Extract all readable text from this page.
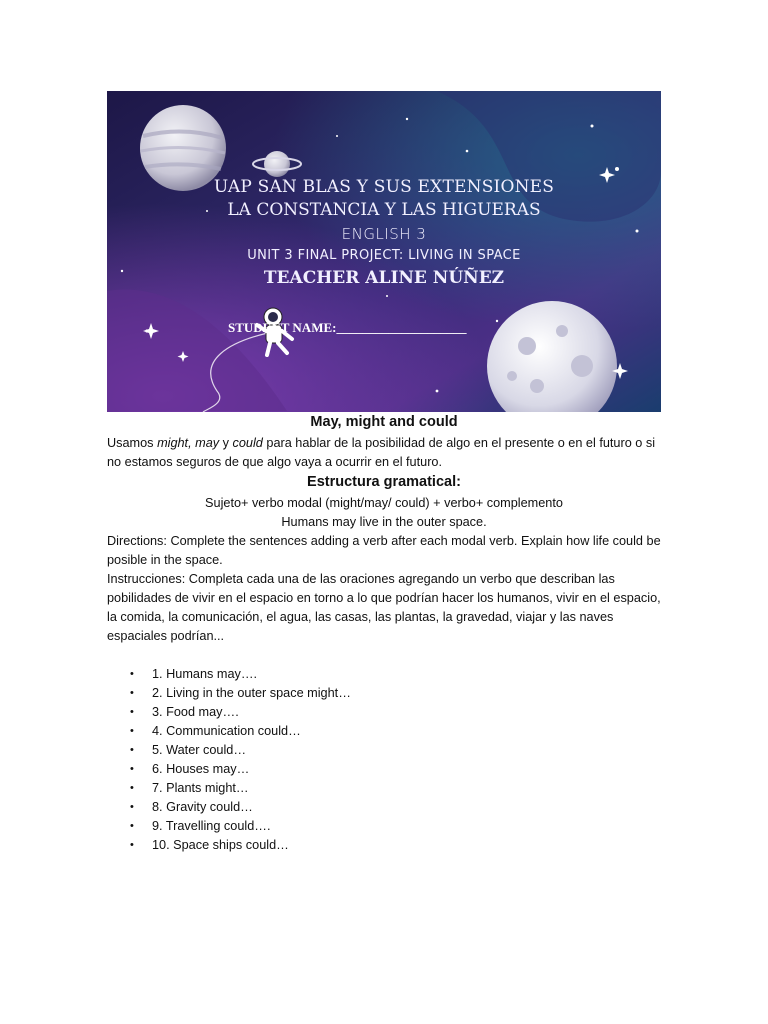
UAP SAN BLAS Y SUS EXTENSIONES
LA CONSTANCIA Y LAS HIGUERAS
ENGLISH 3
UNIT 3 FINAL PROJECT: LIVING IN SPACE
TEACHER ALINE NÚÑEZ
STUDENT NAME:____________________
May, might and could
Usamos might, may y could para hablar de la posibilidad de algo en el presente o en el futuro o si no estamos seguros de que algo vaya a ocurrir en el futuro.
Estructura gramatical:
Sujeto+ verbo modal (might/may/ could) + verbo+ complemento
Humans may live in the outer space.
Directions: Complete the sentences adding a verb after each modal verb. Explain how life could be posible in the space.
Instrucciones: Completa cada una de las oraciones agregando un verbo que describan las pobilidades de vivir en el espacio en torno a lo que podrían hacer los humanos, vivir en el espacio, la comida, la comunicación, el agua, las casas, las plantas, la gravedad, viajar y las naves espaciales podrían...
• 1. Humans may….
• 2. Living in the outer space might…
• 3. Food may….
• 4. Communication could…
• 5. Water could…
• 6. Houses may…
• 7. Plants might…
• 8. Gravity could…
• 9. Travelling could….
• 10. Space ships could…
